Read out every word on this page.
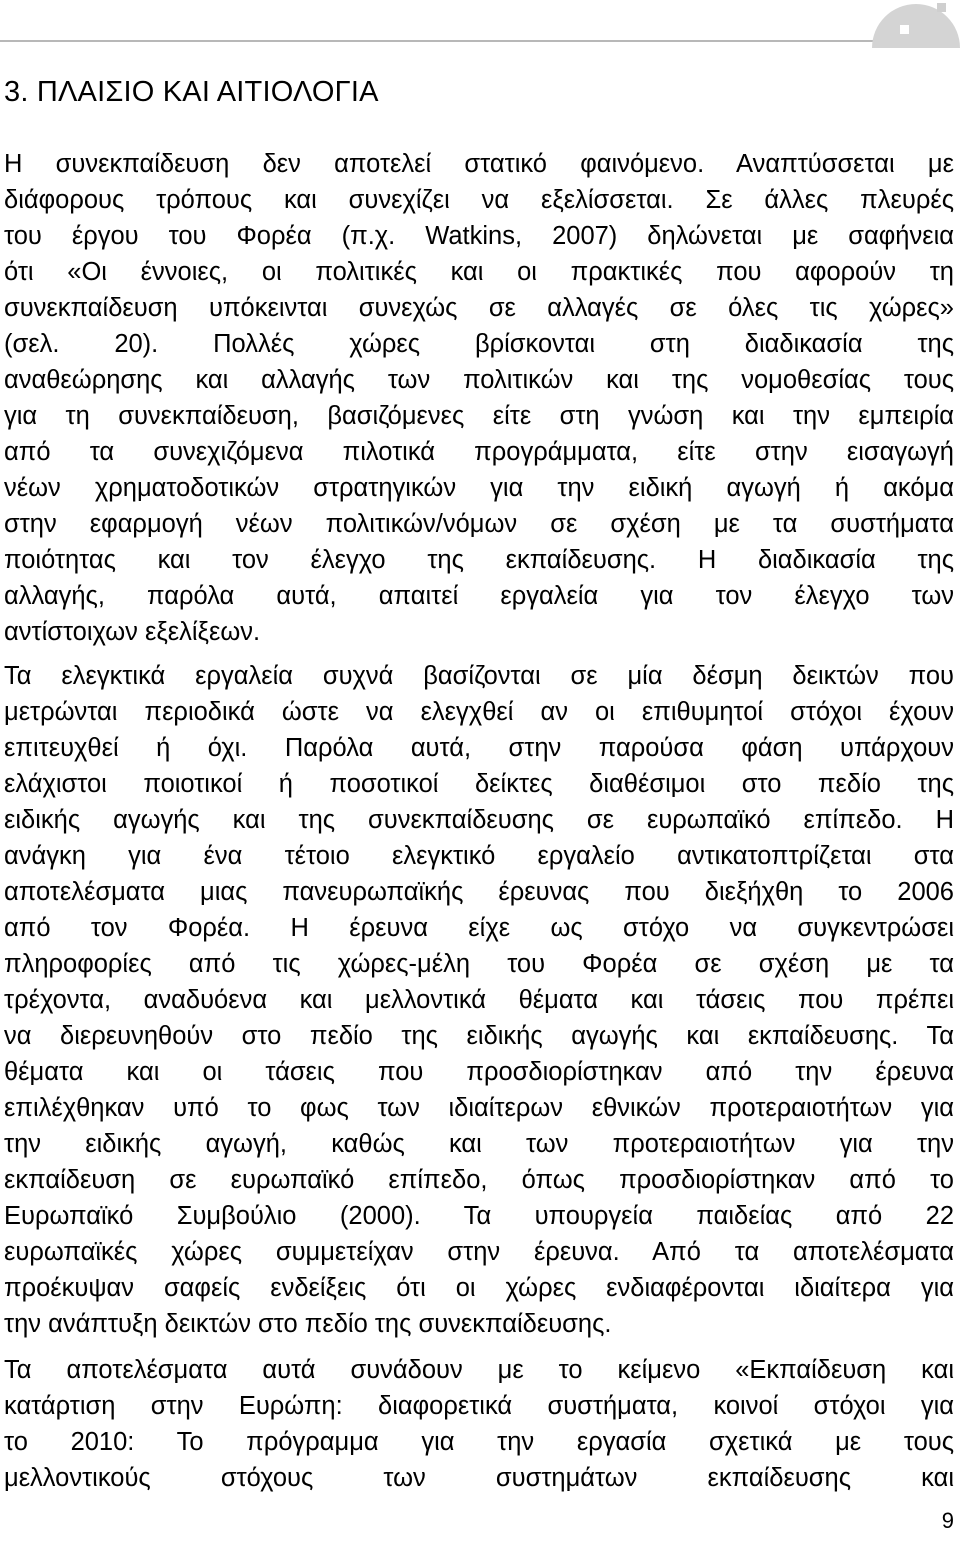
3. ΠΛΑΙΣΙΟ ΚΑΙ ΑΙΤΙΟΛΟΓΙΑ
Η συνεκπαίδευση δεν αποτελεί στατικό φαινόμενο. Αναπτύσσεται με
διάφορους τρόπους και συνεχίζει να εξελίσσεται. Σε άλλες πλευρές
του έργου του Φορέα (π.χ. Watkins, 2007) δηλώνεται με σαφήνεια
ότι «Οι έννοιες, οι πολιτικές και οι πρακτικές που αφορούν τη
συνεκπαίδευση υπόκεινται συνεχώς σε αλλαγές σε όλες τις χώρες»
(σελ. 20). Πολλές χώρες βρίσκονται στη διαδικασία της
αναθεώρησης και αλλαγής των πολιτικών και της νομοθεσίας τους
για τη συνεκπαίδευση, βασιζόμενες είτε στη γνώση και την εμπειρία
από τα συνεχιζόμενα πιλοτικά προγράμματα, είτε στην εισαγωγή
νέων χρηματοδοτικών στρατηγικών για την ειδική αγωγή ή ακόμα
στην εφαρμογή νέων πολιτικών/νόμων σε σχέση με τα συστήματα
ποιότητας και τον έλεγχο της εκπαίδευσης. Η διαδικασία της
αλλαγής, παρόλα αυτά, απαιτεί εργαλεία για τον έλεγχο των
αντίστοιχων εξελίξεων.
Τα ελεγκτικά εργαλεία συχνά βασίζονται σε μία δέσμη δεικτών που
μετρώνται περιοδικά ώστε να ελεγχθεί αν οι επιθυμητοί στόχοι έχουν
επιτευχθεί ή όχι. Παρόλα αυτά, στην παρούσα φάση υπάρχουν
ελάχιστοι ποιοτικοί ή ποσοτικοί δείκτες διαθέσιμοι στο πεδίο της
ειδικής αγωγής και της συνεκπαίδευσης σε ευρωπαϊκό επίπεδο. Η
ανάγκη για ένα τέτοιο ελεγκτικό εργαλείο αντικατοπτρίζεται στα
αποτελέσματα μιας πανευρωπαϊκής έρευνας που διεξήχθη το 2006
από τον Φορέα. Η έρευνα είχε ως στόχο να συγκεντρώσει
πληροφορίες από τις χώρες-μέλη του Φορέα σε σχέση με τα
τρέχοντα, αναδυόενα και μελλοντικά θέματα και τάσεις που πρέπει
να διερευνηθούν στο πεδίο της ειδικής αγωγής και εκπαίδευσης. Τα
θέματα και οι τάσεις που προσδιορίστηκαν από την έρευνα
επιλέχθηκαν υπό το φως των ιδιαίτερων εθνικών προτεραιοτήτων για
την ειδικής αγωγή, καθώς και των προτεραιοτήτων για την
εκπαίδευση σε ευρωπαϊκό επίπεδο, όπως προσδιορίστηκαν από το
Ευρωπαϊκό Συμβούλιο (2000). Τα υπουργεία παιδείας από 22
ευρωπαϊκές χώρες συμμετείχαν στην έρευνα. Από τα αποτελέσματα
προέκυψαν σαφείς ενδείξεις ότι οι χώρες ενδιαφέρονται ιδιαίτερα για
την ανάπτυξη δεικτών στο πεδίο της συνεκπαίδευσης.
Τα αποτελέσματα αυτά συνάδουν με το κείμενο «Εκπαίδευση και
κατάρτιση στην Ευρώπη: διαφορετικά συστήματα, κοινοί στόχοι για
το 2010: Το πρόγραμμα για την εργασία σχετικά με τους
μελλοντικούς στόχους των συστημάτων εκπαίδευσης και
9
